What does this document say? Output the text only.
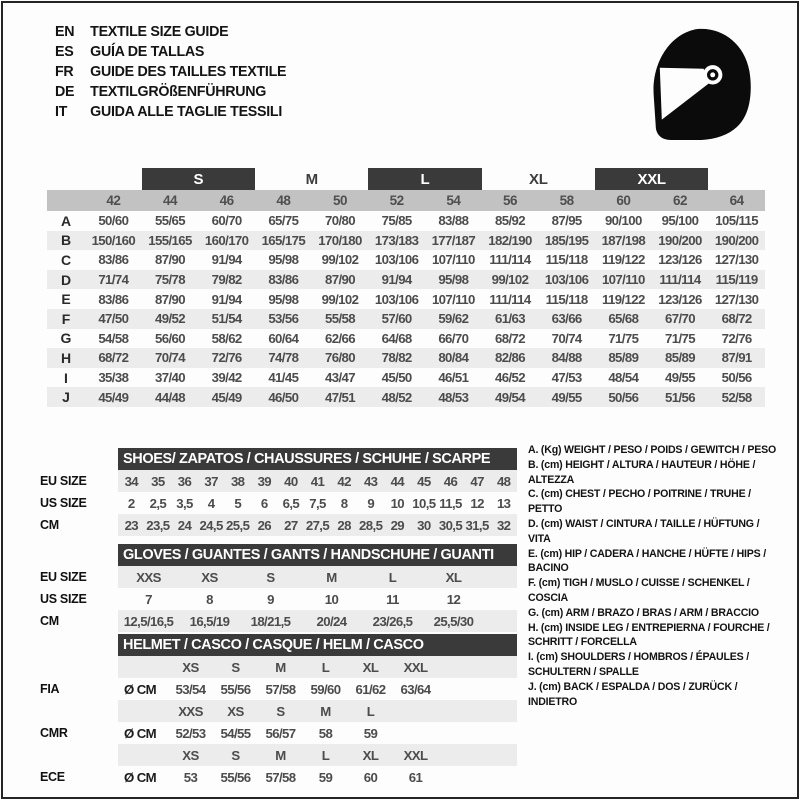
EN	TEXTILE SIZE GUIDE
ES	GUÍA DE TALLAS
FR	GUIDE DES TAILLES TEXTILE
DE	TEXTILGRÖßENFÜHRUNG
IT	GUIDA ALLE TAGLIE TESSILI
S	M	L	XL	XXL
42	44	46	48	50	52	54	56	58	60	62	64
A	50/60	55/65	60/70	65/75	70/80	75/85	83/88	85/92	87/95	90/100	95/100	105/115
B	150/160 155/165 160/170 165/175 170/180 173/183 177/187 182/190 185/195 187/198 190/200 190/200
C	83/86	87/90	91/94	95/98	99/102	103/106	107/110	111/114	115/118	119/122	123/126 127/130
D	71/74	75/78	79/82	83/86	87/90	91/94	95/98	99/102	103/106	107/110	111/114	115/119
E	83/86	87/90	91/94	95/98	99/102	103/106	107/110	111/114	115/118	119/122	123/126 127/130
F	47/50	49/52	51/54	53/56	55/58	57/60	59/62	61/63	63/66	65/68	67/70	68/72
G	54/58	56/60	58/62	60/64	62/66	64/68	66/70	68/72	70/74	71/75	71/75	72/76
H	68/72	70/74	72/76	74/78	76/80	78/82	80/84	82/86	84/88	85/89	85/89	87/91
I	35/38	37/40	39/42	41/45	43/47	45/50	46/51	46/52	47/53	48/54	49/55	50/56
J	45/49	44/48	45/49	46/50	47/51	48/52	48/53	49/54	49/55	50/56	51/56	52/58
SHOES/ ZAPATOS / CHAUSSURES / SCHUHE / SCARPE
EU SIZE	34 35 36 37 38 39 40 41 42 43 44 45 46 47 48
US SIZE	2	2,5 3,5	4	5	6	6,5 7,5	8	9	10 10,5 11,5 12 13
CM	23 23,5 24 24,5 25,5 26 27 27,5 28 28,5 29 30 30,5 31,5 32
GLOVES / GUANTES / GANTS / HANDSCHUHE / GUANTI
EU SIZE	XXS	XS	S	M	L	XL
US SIZE	7	8	9	10	11	12
CM	12,5/16,5	16,5/19	18/21,5	20/24	23/26,5	25,5/30
HELMET / CASCO / CASQUE / HELM / CASCO
XS	S	M	L	XL	XXL
FIA	Ø CM	53/54	55/56	57/58	59/60	61/62	63/64
XXS	XS	S	M	L
CMR	Ø CM	52/53	54/55	56/57	58	59
XS	S	M	L	XL	XXL
ECE	Ø CM	53	55/56	57/58	59	60	61
A. (Kg) WEIGHT / PESO / POIDS / GEWITCH / PESO
B. (cm) HEIGHT / ALTURA / HAUTEUR / HÖHE / ALTEZZA
C. (cm) CHEST / PECHO / POITRINE / TRUHE / PETTO
D. (cm) WAIST / CINTURA / TAILLE / HÜFTUNG / VITA
E. (cm) HIP / CADERA / HANCHE / HÜFTE / HIPS / BACINO
F. (cm) TIGH / MUSLO / CUISSE / SCHENKEL / COSCIA
G. (cm) ARM / BRAZO / BRAS / ARM / BRACCIO
H. (cm) INSIDE LEG / ENTREPIERNA / FOURCHE / SCHRITT / FORCELLA
I. (cm) SHOULDERS / HOMBROS / ÉPAULES / SCHULTERN / SPALLE
J. (cm) BACK / ESPALDA / DOS / ZURÜCK / INDIETRO
